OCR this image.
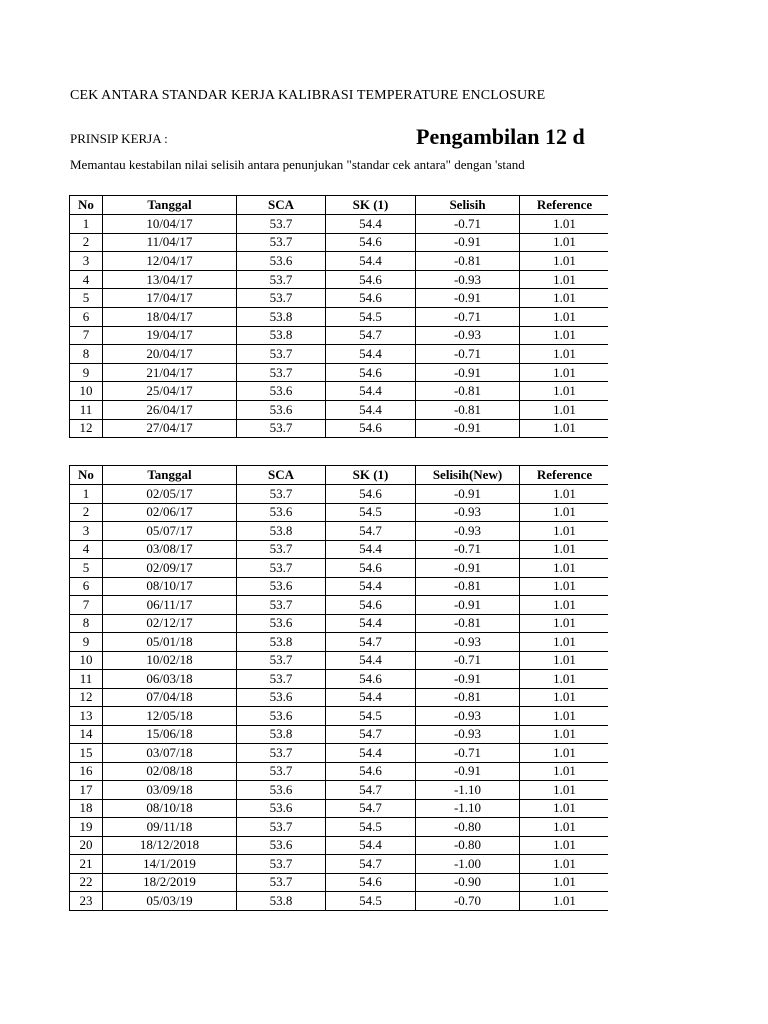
CEK ANTARA STANDAR KERJA KALIBRASI TEMPERATURE ENCLOSURE
PRINSIP KERJA :	Pengambilan 12 d
Memantau kestabilan nilai selisih antara penunjukan "standar cek antara" dengan 'stand
No	Tanggal	SCA	SK (1)	Selisih	Reference
1	10/04/17	53.7	54.4	-0.71	1.01
2	11/04/17	53.7	54.6	-0.91	1.01
3	12/04/17	53.6	54.4	-0.81	1.01
4	13/04/17	53.7	54.6	-0.93	1.01
5	17/04/17	53.7	54.6	-0.91	1.01
6	18/04/17	53.8	54.5	-0.71	1.01
7	19/04/17	53.8	54.7	-0.93	1.01
8	20/04/17	53.7	54.4	-0.71	1.01
9	21/04/17	53.7	54.6	-0.91	1.01
10	25/04/17	53.6	54.4	-0.81	1.01
11	26/04/17	53.6	54.4	-0.81	1.01
12	27/04/17	53.7	54.6	-0.91	1.01
No	Tanggal	SCA	SK (1)	Selisih(New)	Reference
1	02/05/17	53.7	54.6	-0.91	1.01
2	02/06/17	53.6	54.5	-0.93	1.01
3	05/07/17	53.8	54.7	-0.93	1.01
4	03/08/17	53.7	54.4	-0.71	1.01
5	02/09/17	53.7	54.6	-0.91	1.01
6	08/10/17	53.6	54.4	-0.81	1.01
7	06/11/17	53.7	54.6	-0.91	1.01
8	02/12/17	53.6	54.4	-0.81	1.01
9	05/01/18	53.8	54.7	-0.93	1.01
10	10/02/18	53.7	54.4	-0.71	1.01
11	06/03/18	53.7	54.6	-0.91	1.01
12	07/04/18	53.6	54.4	-0.81	1.01
13	12/05/18	53.6	54.5	-0.93	1.01
14	15/06/18	53.8	54.7	-0.93	1.01
15	03/07/18	53.7	54.4	-0.71	1.01
16	02/08/18	53.7	54.6	-0.91	1.01
17	03/09/18	53.6	54.7	-1.10	1.01
18	08/10/18	53.6	54.7	-1.10	1.01
19	09/11/18	53.7	54.5	-0.80	1.01
20	18/12/2018	53.6	54.4	-0.80	1.01
21	14/1/2019	53.7	54.7	-1.00	1.01
22	18/2/2019	53.7	54.6	-0.90	1.01
23	05/03/19	53.8	54.5	-0.70	1.01
